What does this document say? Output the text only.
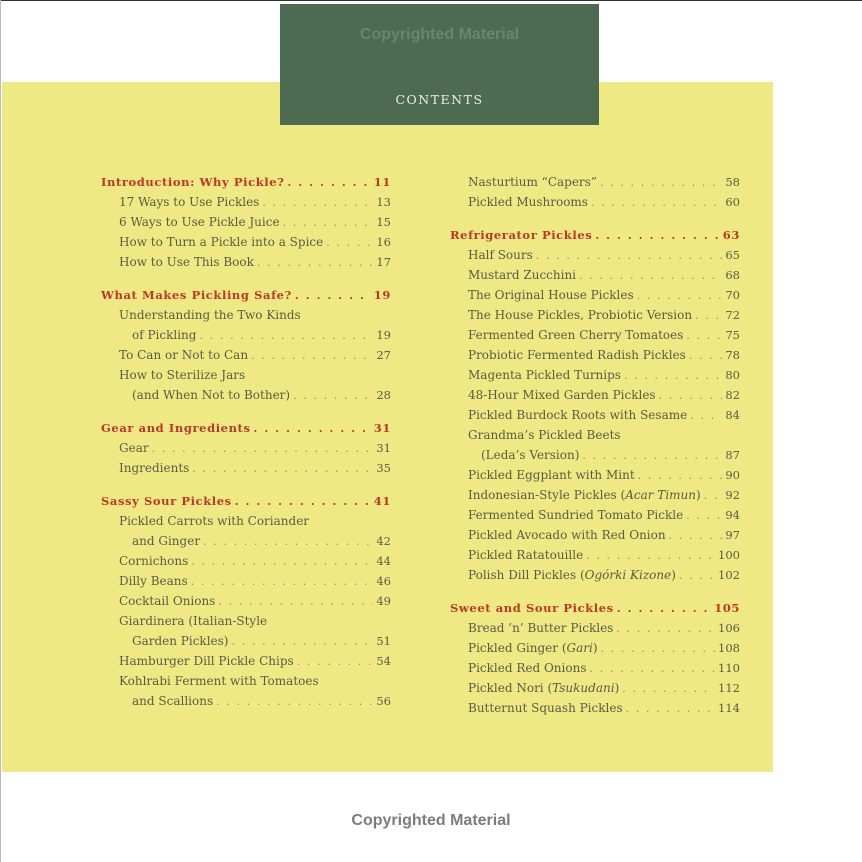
Copyrighted Material
CONTENTS
Introduction: Why Pickle? . . .	11
17 Ways to Use Pickles . . .	13
6 Ways to Use Pickle Juice . . .	15
How to Turn a Pickle into a Spice . . .	16
How to Use This Book . . .	17
What Makes Pickling Safe? . . .	19
Understanding the Two Kinds
of Pickling . . .	19
To Can or Not to Can . . .	27
How to Sterilize Jars
(and When Not to Bother) . . .	28
Gear and Ingredients . . .	31
Gear . . .	31
Ingredients . . .	35
Sassy Sour Pickles . . .	41
Pickled Carrots with Coriander
and Ginger . . .	42
Cornichons . . .	44
Dilly Beans . . .	46
Cocktail Onions . . .	49
Giardinera (Italian-Style
Garden Pickles) . . .	51
Hamburger Dill Pickle Chips . . .	54
Kohlrabi Ferment with Tomatoes
and Scallions . . .	56
Nasturtium “Capers” . . .	58
Pickled Mushrooms . . .	60
Refrigerator Pickles . . .	63
Half Sours . . .	65
Mustard Zucchini . . .	68
The Original House Pickles . . .	70
The House Pickles, Probiotic Version . . .	72
Fermented Green Cherry Tomatoes . . .	75
Probiotic Fermented Radish Pickles . . .	78
Magenta Pickled Turnips . . .	80
48-Hour Mixed Garden Pickles . . .	82
Pickled Burdock Roots with Sesame . . .	84
Grandma’s Pickled Beets
(Leda’s Version) . . .	87
Pickled Eggplant with Mint . . .	90
Indonesian-Style Pickles (Acar Timun) . . . 92
Fermented Sundried Tomato Pickle . . .	94
Pickled Avocado with Red Onion . . .	97
Pickled Ratatouille . . .	100
Polish Dill Pickles (Ogórki Kizone) . . .	102
Sweet and Sour Pickles . . .	105
Bread ’n’ Butter Pickles . . .	106
Pickled Ginger (Gari) . . .	108
Pickled Red Onions . . .	110
Pickled Nori (Tsukudani) . . .	112
Butternut Squash Pickles . . .	114
Copyrighted Material
